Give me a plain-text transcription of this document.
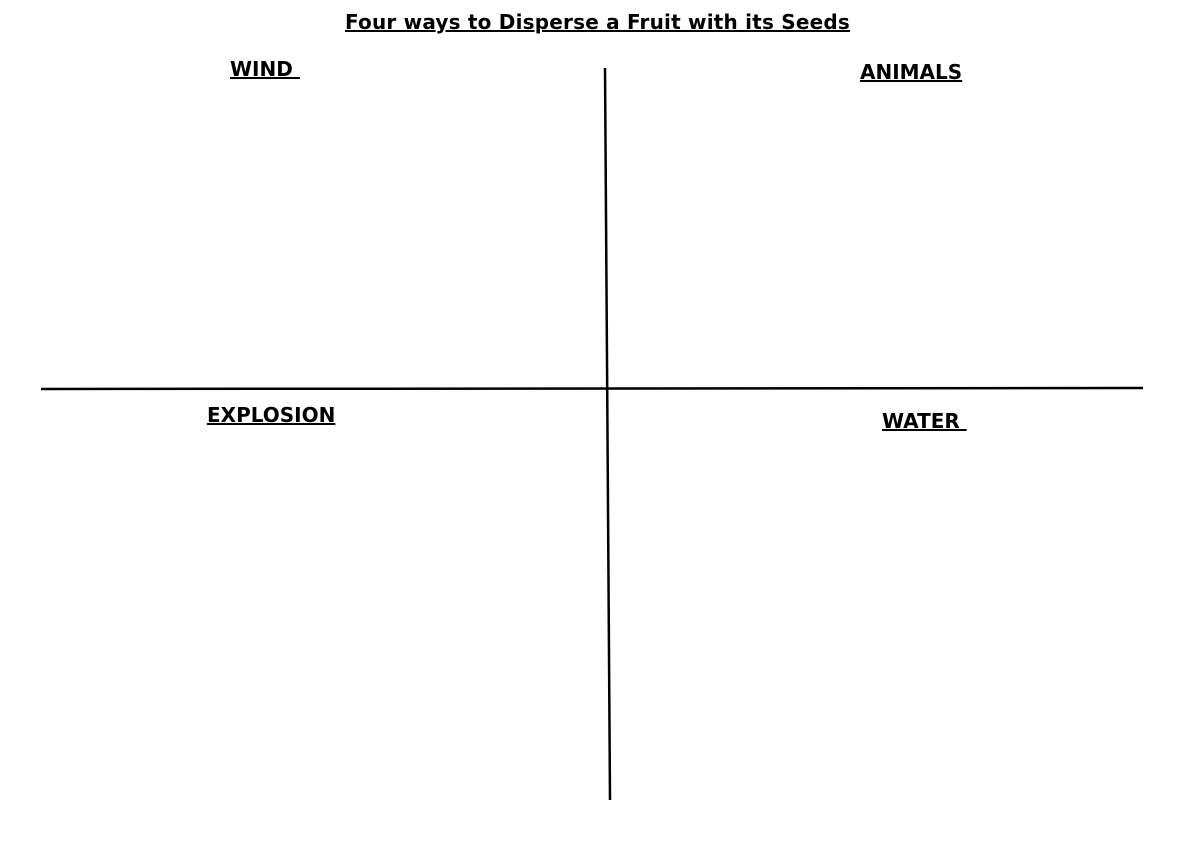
Four ways to Disperse a Fruit with its Seeds
WIND	ANIMALS
EXPLOSION	WATER
